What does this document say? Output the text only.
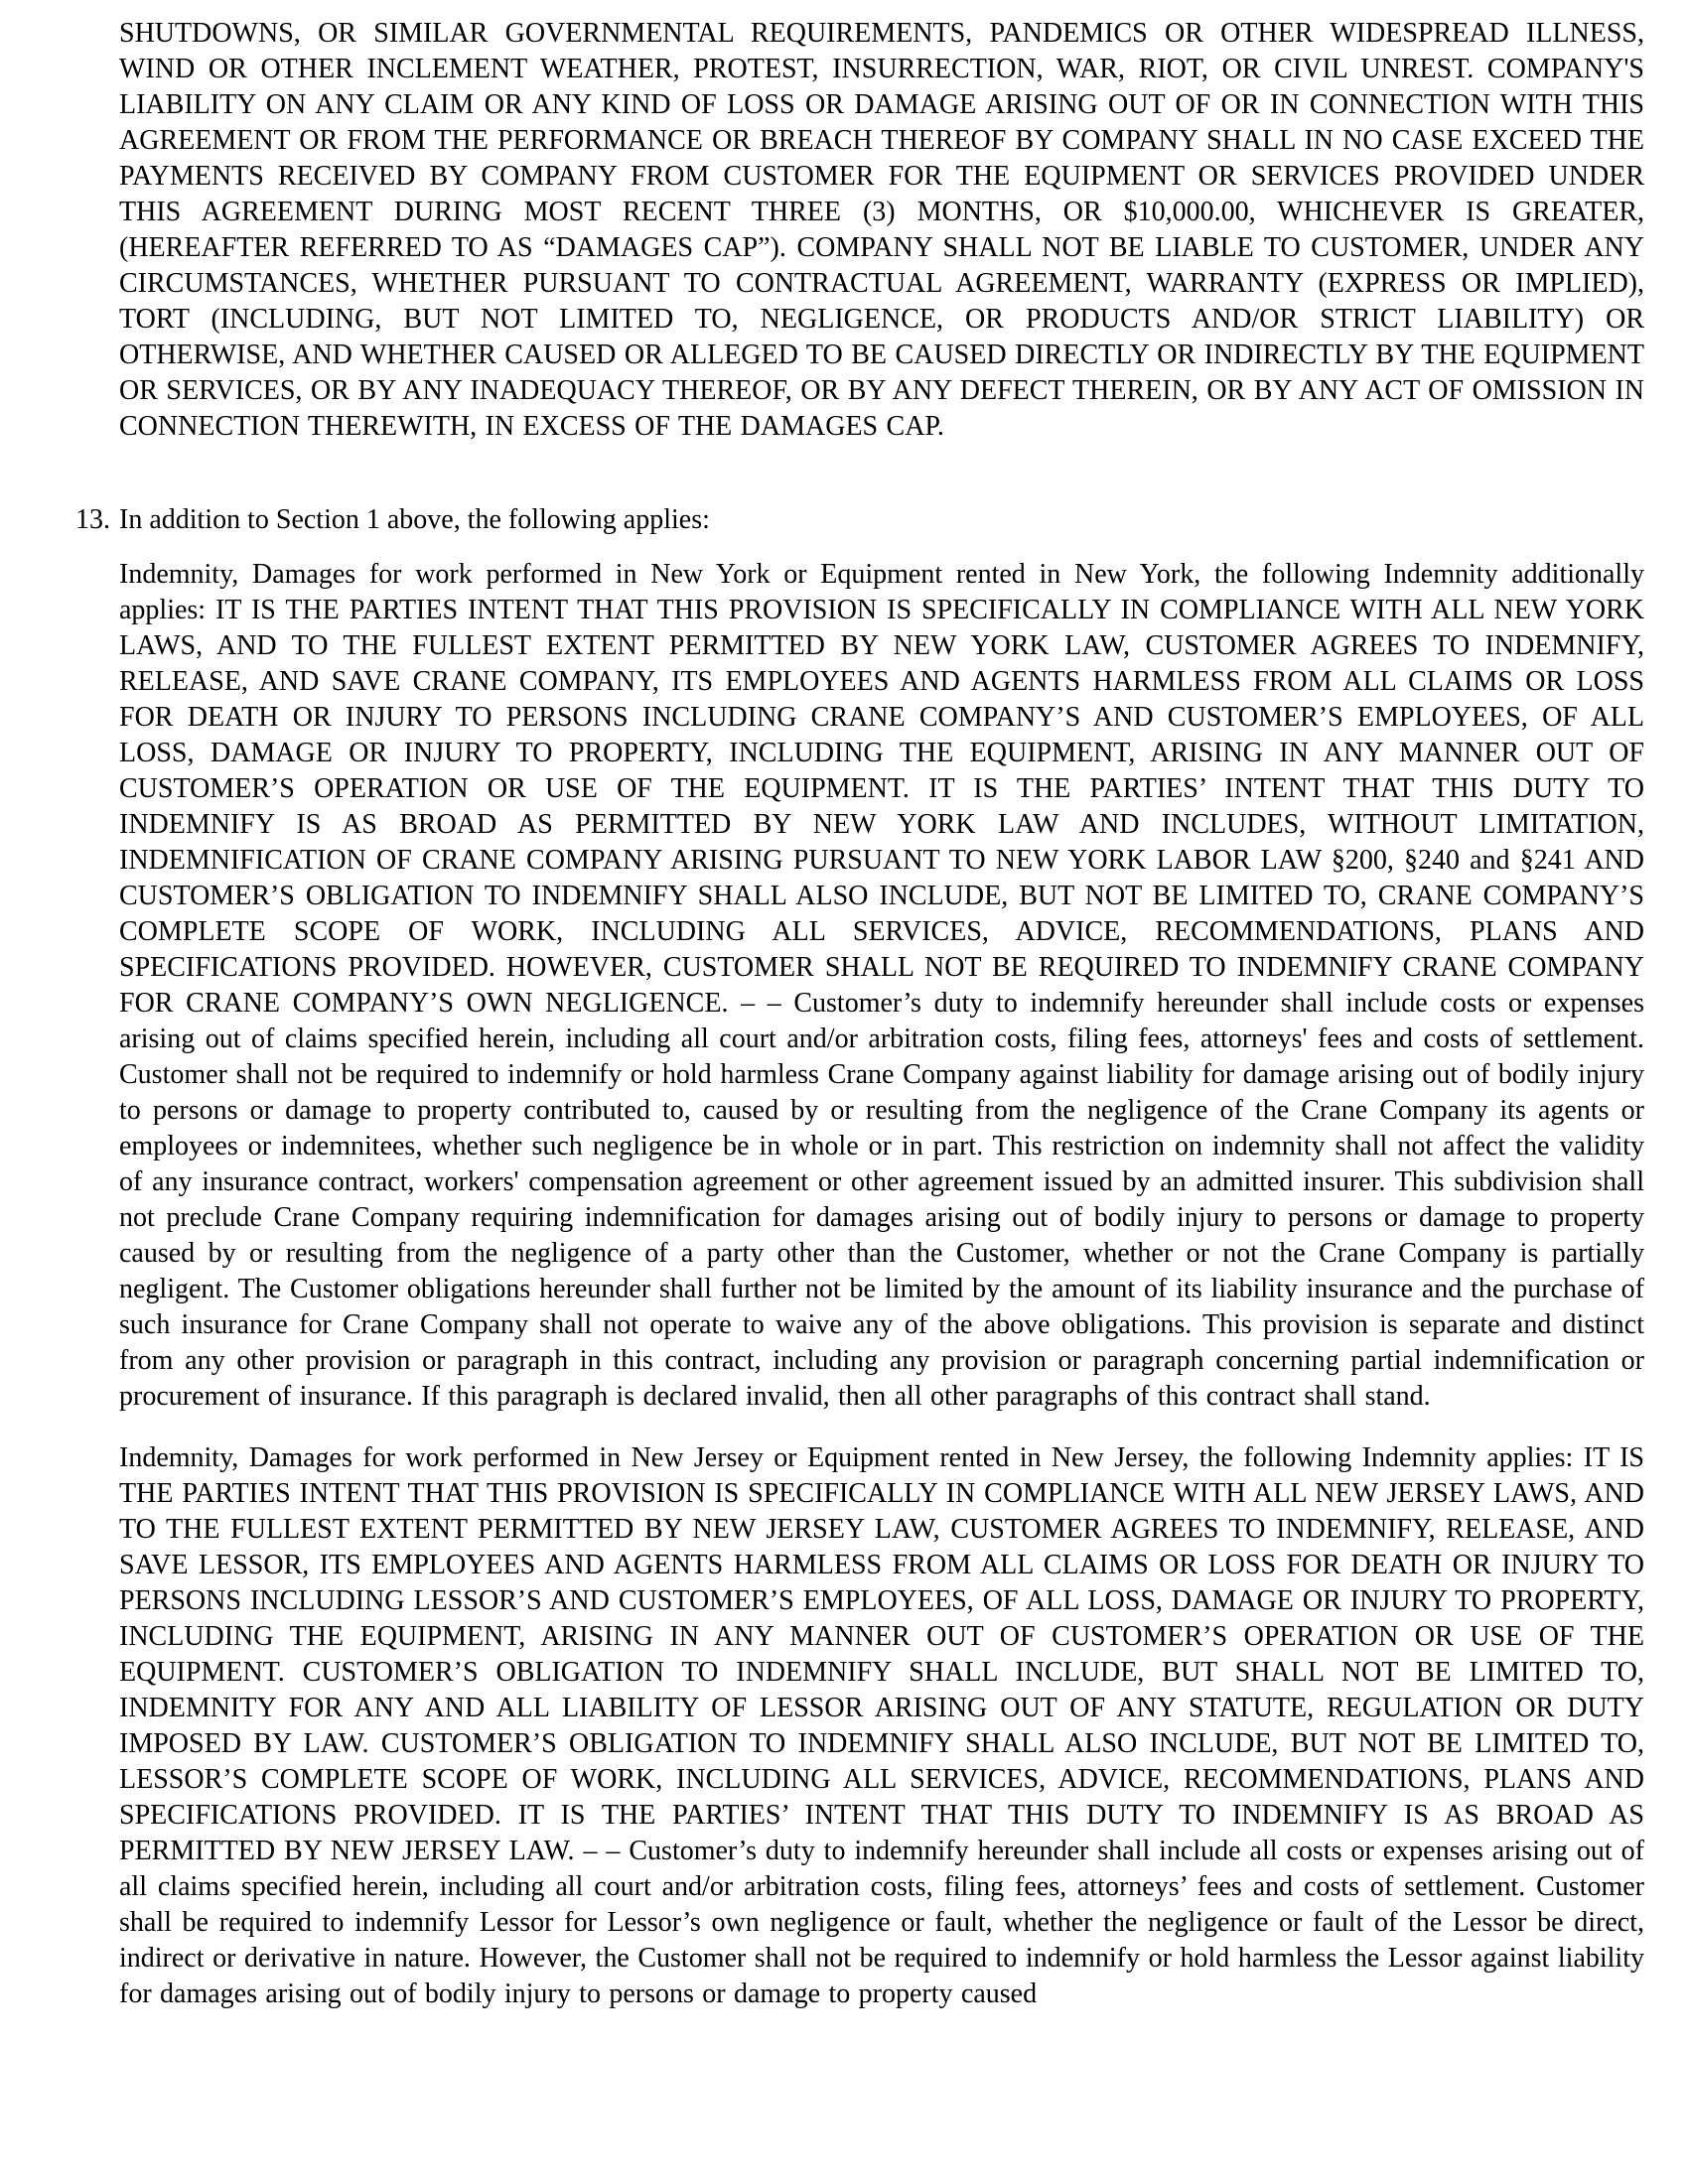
SHUTDOWNS, OR SIMILAR GOVERNMENTAL REQUIREMENTS, PANDEMICS OR OTHER WIDESPREAD ILLNESS, WIND OR OTHER INCLEMENT WEATHER, PROTEST, INSURRECTION, WAR, RIOT, OR CIVIL UNREST. COMPANY'S LIABILITY ON ANY CLAIM OR ANY KIND OF LOSS OR DAMAGE ARISING OUT OF OR IN CONNECTION WITH THIS AGREEMENT OR FROM THE PERFORMANCE OR BREACH THEREOF BY COMPANY SHALL IN NO CASE EXCEED THE PAYMENTS RECEIVED BY COMPANY FROM CUSTOMER FOR THE EQUIPMENT OR SERVICES PROVIDED UNDER THIS AGREEMENT DURING MOST RECENT THREE (3) MONTHS, OR $10,000.00, WHICHEVER IS GREATER, (HEREAFTER REFERRED TO AS “DAMAGES CAP”). COMPANY SHALL NOT BE LIABLE TO CUSTOMER, UNDER ANY CIRCUMSTANCES, WHETHER PURSUANT TO CONTRACTUAL AGREEMENT, WARRANTY (EXPRESS OR IMPLIED), TORT (INCLUDING, BUT NOT LIMITED TO, NEGLIGENCE, OR PRODUCTS AND/OR STRICT LIABILITY) OR OTHERWISE, AND WHETHER CAUSED OR ALLEGED TO BE CAUSED DIRECTLY OR INDIRECTLY BY THE EQUIPMENT OR SERVICES, OR BY ANY INADEQUACY THEREOF, OR BY ANY DEFECT THEREIN, OR BY ANY ACT OF OMISSION IN CONNECTION THEREWITH, IN EXCESS OF THE DAMAGES CAP.

13. In addition to Section 1 above, the following applies:

Indemnity, Damages for work performed in New York or Equipment rented in New York, the following Indemnity additionally applies: IT IS THE PARTIES INTENT THAT THIS PROVISION IS SPECIFICALLY IN COMPLIANCE WITH ALL NEW YORK LAWS, AND TO THE FULLEST EXTENT PERMITTED BY NEW YORK LAW, CUSTOMER AGREES TO INDEMNIFY, RELEASE, AND SAVE CRANE COMPANY, ITS EMPLOYEES AND AGENTS HARMLESS FROM ALL CLAIMS OR LOSS FOR DEATH OR INJURY TO PERSONS INCLUDING CRANE COMPANY’S AND CUSTOMER’S EMPLOYEES, OF ALL LOSS, DAMAGE OR INJURY TO PROPERTY, INCLUDING THE EQUIPMENT, ARISING IN ANY MANNER OUT OF CUSTOMER’S OPERATION OR USE OF THE EQUIPMENT. IT IS THE PARTIES’ INTENT THAT THIS DUTY TO INDEMNIFY IS AS BROAD AS PERMITTED BY NEW YORK LAW AND INCLUDES, WITHOUT LIMITATION, INDEMNIFICATION OF CRANE COMPANY ARISING PURSUANT TO NEW YORK LABOR LAW §200, §240 and §241 AND CUSTOMER’S OBLIGATION TO INDEMNIFY SHALL ALSO INCLUDE, BUT NOT BE LIMITED TO, CRANE COMPANY’S COMPLETE SCOPE OF WORK, INCLUDING ALL SERVICES, ADVICE, RECOMMENDATIONS, PLANS AND SPECIFICATIONS PROVIDED. HOWEVER, CUSTOMER SHALL NOT BE REQUIRED TO INDEMNIFY CRANE COMPANY FOR CRANE COMPANY’S OWN NEGLIGENCE. – – Customer’s duty to indemnify hereunder shall include costs or expenses arising out of claims specified herein, including all court and/or arbitration costs, filing fees, attorneys' fees and costs of settlement. Customer shall not be required to indemnify or hold harmless Crane Company against liability for damage arising out of bodily injury to persons or damage to property contributed to, caused by or resulting from the negligence of the Crane Company its agents or employees or indemnitees, whether such negligence be in whole or in part. This restriction on indemnity shall not affect the validity of any insurance contract, workers' compensation agreement or other agreement issued by an admitted insurer. This subdivision shall not preclude Crane Company requiring indemnification for damages arising out of bodily injury to persons or damage to property caused by or resulting from the negligence of a party other than the Customer, whether or not the Crane Company is partially negligent. The Customer obligations hereunder shall further not be limited by the amount of its liability insurance and the purchase of such insurance for Crane Company shall not operate to waive any of the above obligations. This provision is separate and distinct from any other provision or paragraph in this contract, including any provision or paragraph concerning partial indemnification or procurement of insurance. If this paragraph is declared invalid, then all other paragraphs of this contract shall stand.

Indemnity, Damages for work performed in New Jersey or Equipment rented in New Jersey, the following Indemnity applies: IT IS THE PARTIES INTENT THAT THIS PROVISION IS SPECIFICALLY IN COMPLIANCE WITH ALL NEW JERSEY LAWS, AND TO THE FULLEST EXTENT PERMITTED BY NEW JERSEY LAW, CUSTOMER AGREES TO INDEMNIFY, RELEASE, AND SAVE LESSOR, ITS EMPLOYEES AND AGENTS HARMLESS FROM ALL CLAIMS OR LOSS FOR DEATH OR INJURY TO PERSONS INCLUDING LESSOR’S AND CUSTOMER’S EMPLOYEES, OF ALL LOSS, DAMAGE OR INJURY TO PROPERTY, INCLUDING THE EQUIPMENT, ARISING IN ANY MANNER OUT OF CUSTOMER’S OPERATION OR USE OF THE EQUIPMENT. CUSTOMER’S OBLIGATION TO INDEMNIFY SHALL INCLUDE, BUT SHALL NOT BE LIMITED TO, INDEMNITY FOR ANY AND ALL LIABILITY OF LESSOR ARISING OUT OF ANY STATUTE, REGULATION OR DUTY IMPOSED BY LAW. CUSTOMER’S OBLIGATION TO INDEMNIFY SHALL ALSO INCLUDE, BUT NOT BE LIMITED TO, LESSOR’S COMPLETE SCOPE OF WORK, INCLUDING ALL SERVICES, ADVICE, RECOMMENDATIONS, PLANS AND SPECIFICATIONS PROVIDED. IT IS THE PARTIES’ INTENT THAT THIS DUTY TO INDEMNIFY IS AS BROAD AS PERMITTED BY NEW JERSEY LAW. – – Customer’s duty to indemnify hereunder shall include all costs or expenses arising out of all claims specified herein, including all court and/or arbitration costs, filing fees, attorneys’ fees and costs of settlement. Customer shall be required to indemnify Lessor for Lessor’s own negligence or fault, whether the negligence or fault of the Lessor be direct, indirect or derivative in nature. However, the Customer shall not be required to indemnify or hold harmless the Lessor against liability for damages arising out of bodily injury to persons or damage to property caused
